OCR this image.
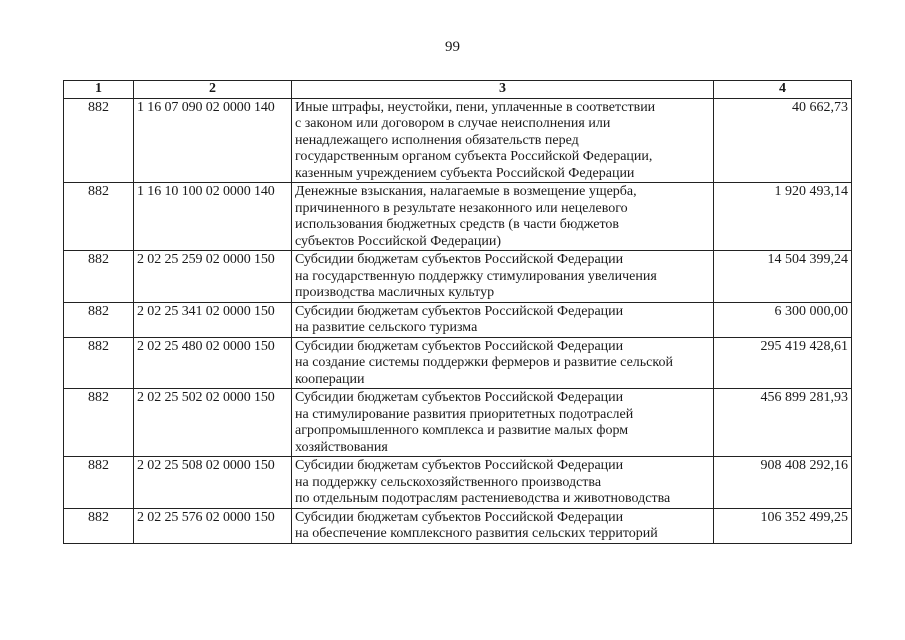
99
1	2	3	4
882	1 16 07 090 02 0000 140	Иные штрафы, неустойки, пени, уплаченные в соответствии
с законом или договором в случае неисполнения или
ненадлежащего исполнения обязательств перед
государственным органом субъекта Российской Федерации,
казенным учреждением субъекта Российской Федерации	40 662,73
882	1 16 10 100 02 0000 140	Денежные взыскания, налагаемые в возмещение ущерба,
причиненного в результате незаконного или нецелевого
использования бюджетных средств (в части бюджетов
субъектов Российской Федерации)	1 920 493,14
882	2 02 25 259 02 0000 150	Субсидии бюджетам субъектов Российской Федерации
на государственную поддержку стимулирования увеличения
производства масличных культур	14 504 399,24
882	2 02 25 341 02 0000 150	Субсидии бюджетам субъектов Российской Федерации
на развитие сельского туризма	6 300 000,00
882	2 02 25 480 02 0000 150	Субсидии бюджетам субъектов Российской Федерации
на создание системы поддержки фермеров и развитие сельской
кооперации	295 419 428,61
882	2 02 25 502 02 0000 150	Субсидии бюджетам субъектов Российской Федерации
на стимулирование развития приоритетных подотраслей
агропромышленного комплекса и развитие малых форм
хозяйствования	456 899 281,93
882	2 02 25 508 02 0000 150	Субсидии бюджетам субъектов Российской Федерации
на поддержку сельскохозяйственного производства
по отдельным подотраслям растениеводства и животноводства	908 408 292,16
882	2 02 25 576 02 0000 150	Субсидии бюджетам субъектов Российской Федерации
на обеспечение комплексного развития сельских территорий	106 352 499,25
